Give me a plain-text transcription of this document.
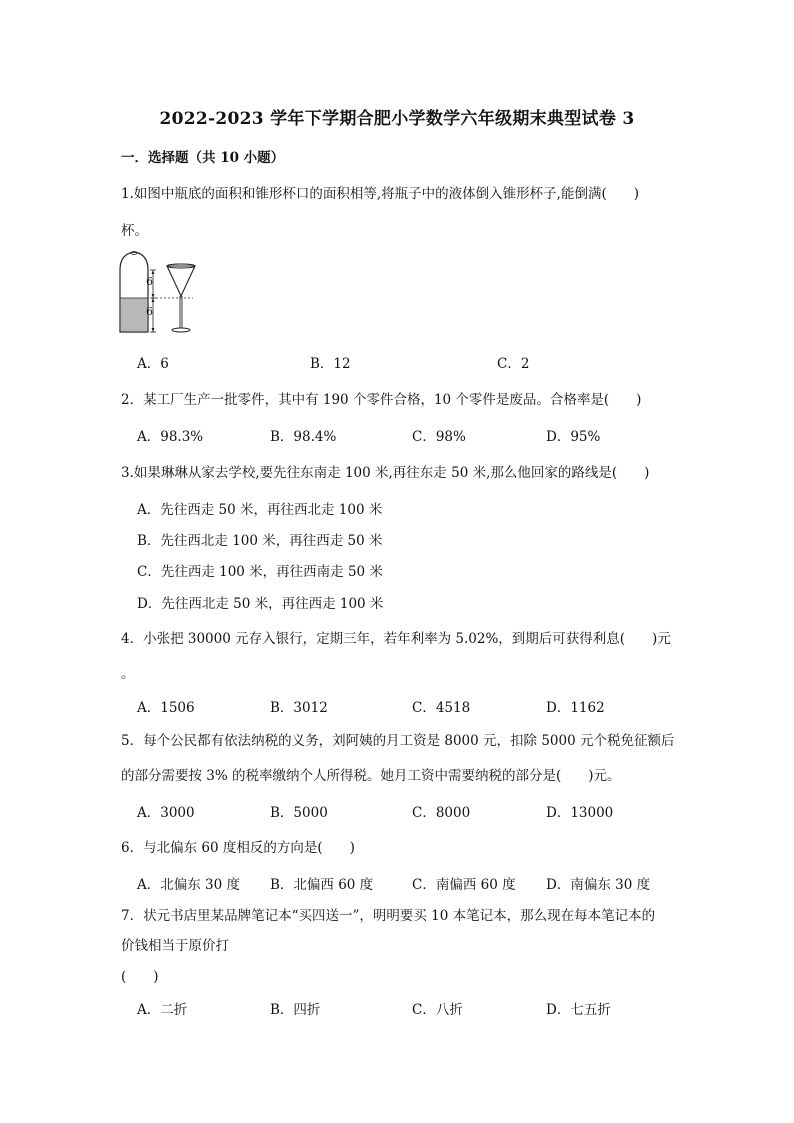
2022-2023 学年下学期合肥小学数学六年级期末典型试卷 3
一．选择题（共 10 小题）
1.如图中瓶底的面积和锥形杯口的面积相等,将瓶子中的液体倒入锥形杯子,能倒满(　　)
杯。
6
6
A．6	B．12	C．2
2．某工厂生产一批零件，其中有 190 个零件合格，10 个零件是废品。合格率是(　　)
A．98.3%	B．98.4%	C．98%	D．95%
3.如果琳琳从家去学校,要先往东南走 100 米,再往东走 50 米,那么他回家的路线是(　　)
A．先往西走 50 米，再往西北走 100 米
B．先往西北走 100 米，再往西走 50 米
C．先往西走 100 米，再往西南走 50 米
D．先往西北走 50 米，再往西走 100 米
4．小张把 30000 元存入银行，定期三年，若年利率为 5.02%，到期后可获得利息(　　)元
。
A．1506	B．3012	C．4518	D．1162
5．每个公民都有依法纳税的义务，刘阿姨的月工资是 8000 元，扣除 5000 元个税免征额后
的部分需要按 3% 的税率缴纳个人所得税。她月工资中需要纳税的部分是(　　)元。
A．3000	B．5000	C．8000	D．13000
6．与北偏东 60 度相反的方向是(　　)
A．北偏东 30 度 B．北偏西 60 度	C．南偏西 60 度 D．南偏东 30 度
7．状元书店里某品牌笔记本“买四送一”，明明要买 10 本笔记本，那么现在每本笔记本的
价钱相当于原价打
(　　)
A．二折	B．四折	C．八折	D．七五折
